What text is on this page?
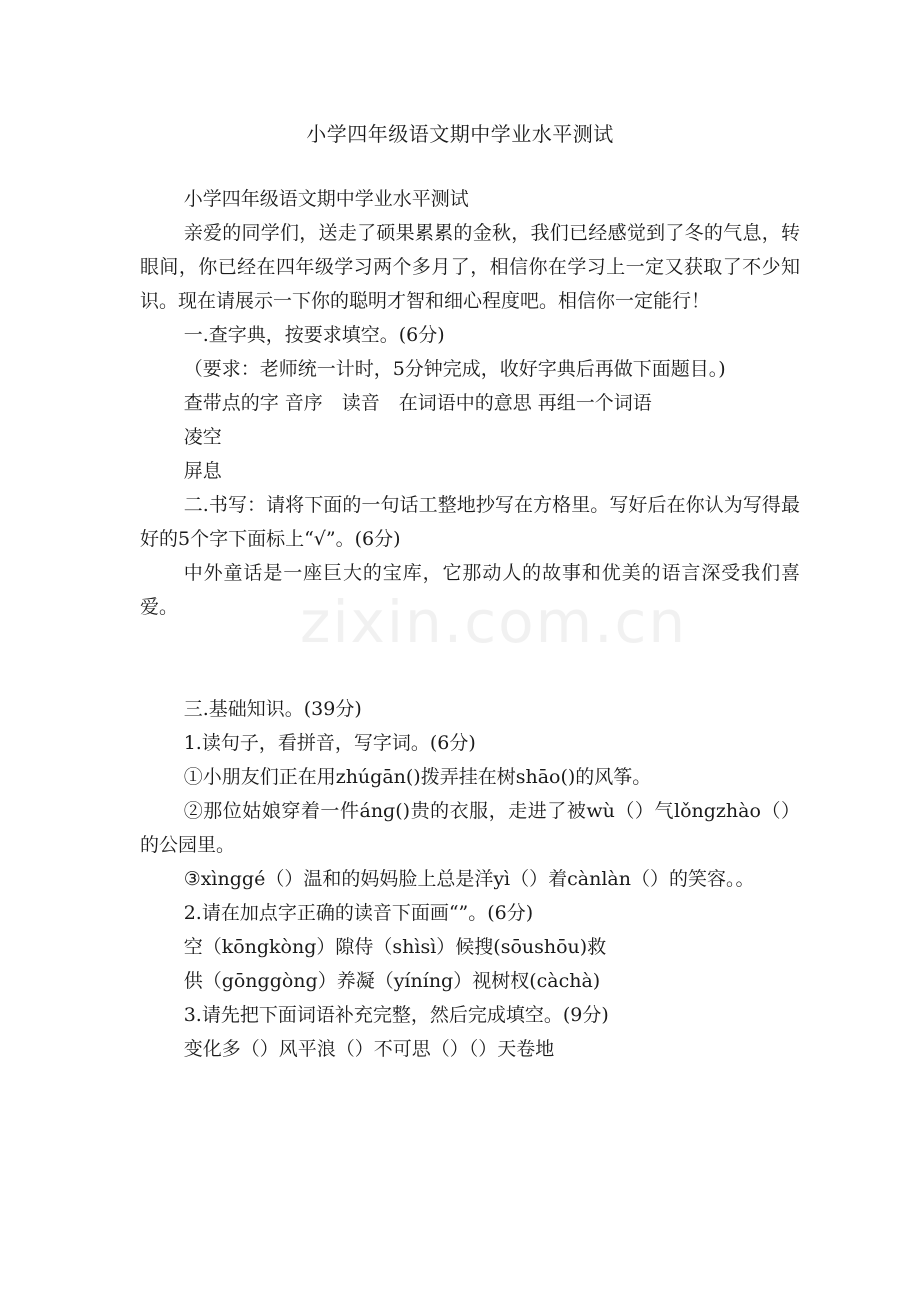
小学四年级语文期中学业水平测试

小学四年级语文期中学业水平测试

亲爱的同学们，送走了硕果累累的金秋，我们已经感觉到了冬的气息，转眼间，你已经在四年级学习两个多月了，相信你在学习上一定又获取了不少知识。现在请展示一下你的聪明才智和细心程度吧。相信你一定能行！

一.查字典，按要求填空。(6分)

（要求：老师统一计时，5分钟完成，收好字典后再做下面题目。)

查带点的字 音序　读音　在词语中的意思 再组一个词语

凌空

屏息

二.书写：请将下面的一句话工整地抄写在方格里。写好后在你认为写得最好的5个字下面标上“√”。(6分)

中外童话是一座巨大的宝库，它那动人的故事和优美的语言深受我们喜爱。

三.基础知识。(39分)

1.读句子，看拼音，写字词。(6分)

①小朋友们正在用zhúgān()拨弄挂在树shāo()的风筝。

②那位姑娘穿着一件ánɡ()贵的衣服，走进了被wù（）气lǒngzhào（）的公园里。

③xìnggé（）温和的妈妈脸上总是洋yì（）着cànlàn（）的笑容。。

2.请在加点字正确的读音下面画“”。(6分)

空（kōngkòng）隙侍（shìsì）候搜(sōushōu)救

供（gōnggòng）养凝（yíníng）视树杈(càchà)

3.请先把下面词语补充完整，然后完成填空。(9分)

变化多（）风平浪（）不可思（）（）天卷地

zixin.com.cn
